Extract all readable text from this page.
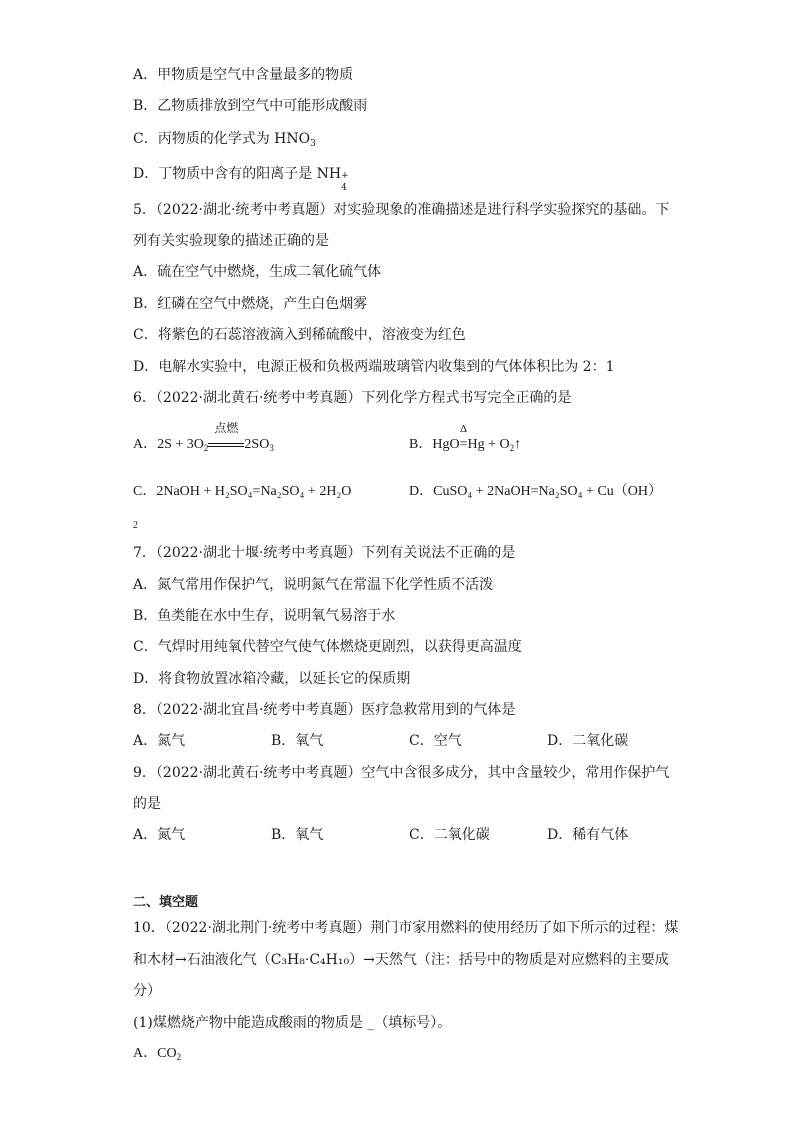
A．甲物质是空气中含量最多的物质
B．乙物质排放到空气中可能形成酸雨
C．丙物质的化学式为 $HNO_3$
D．丁物质中含有的阳离子是 NH +
4
5．（2022·湖北·统考中考真题）对实验现象的准确描述是进行科学实验探究的基础。下
列有关实验现象的描述正确的是
A．硫在空气中燃烧，生成二氧化硫气体
B．红磷在空气中燃烧，产生白色烟雾
C．将紫色的石蕊溶液滴入到稀硫酸中，溶液变为红色
D．电解水实验中，电源正极和负极两端玻璃管内收集到的气体体积比为 2：1
6．（2022·湖北黄石·统考中考真题）下列化学方程式书写完全正确的是
A．$2S + 3O_2$
点燃
$2SO_3$	B．HgO
Δ
$=Hg + O_2↑$
C．2NaOH + H₂SO₄=Na₂SO₄ + 2H₂O	D．CuSO₄ + 2NaOH=Na₂SO₄ + Cu（OH）
2
7．（2022·湖北十堰·统考中考真题）下列有关说法不正确的是
A．氮气常用作保护气，说明氮气在常温下化学性质不活泼
B．鱼类能在水中生存，说明氧气易溶于水
C．气焊时用纯氧代替空气使气体燃烧更剧烈，以获得更高温度
D．将食物放置冰箱冷藏，以延长它的保质期
8．（2022·湖北宜昌·统考中考真题）医疗急救常用到的气体是
A．氮气	B．氧气	C．空气	D．二氧化碳
9．（2022·湖北黄石·统考中考真题）空气中含很多成分，其中含量较少，常用作保护气
的是
A．氮气	B．氧气	C．二氧化碳	D．稀有气体
二、填空题
10．（2022·湖北荆门·统考中考真题）荆门市家用燃料的使用经历了如下所示的过程：煤
和木材→石油液化气（C₃H₈·C₄H₁₀）→天然气（注：括号中的物质是对应燃料的主要成
分）
(1)煤燃烧产物中能造成酸雨的物质是 _（填标号）。
A．$CO_2$
